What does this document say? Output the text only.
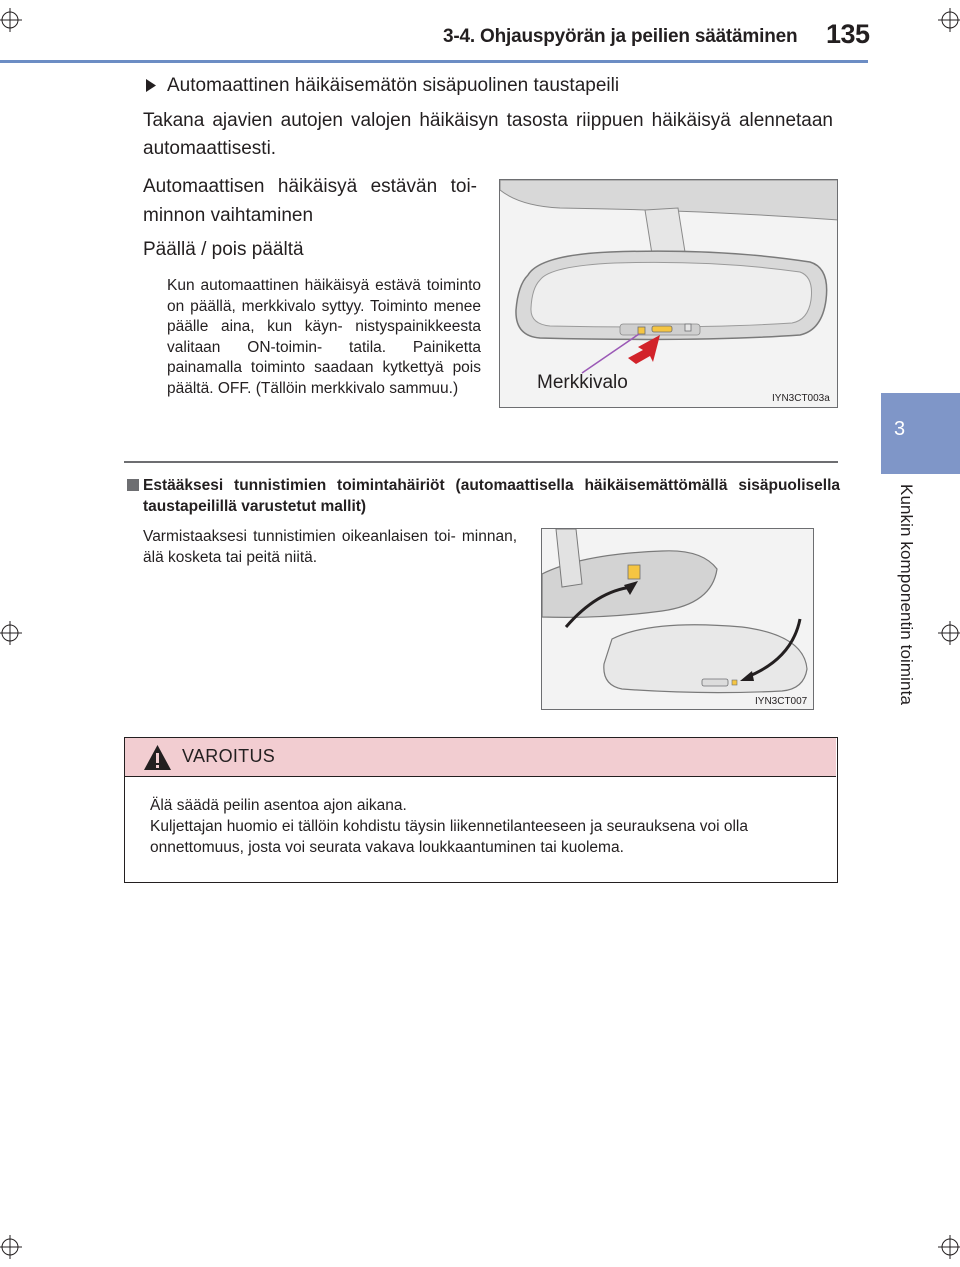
3-4. Ohjauspyörän ja peilien säätäminen 135
3
Kunkin komponentin toiminta
Automaattinen häikäisemätön sisäpuolinen taustapeili
Takana ajavien autojen valojen häikäisyn tasosta riippuen häikäisyä alennetaan automaattisesti.
Automaattisen häikäisyä estävän toi-
minnon vaihtaminen
Päällä / pois päältä
Kun automaattinen häikäisyä estävä toiminto on päällä, merkkivalo syttyy. Toiminto menee päälle aina, kun käyn- nistyspainikkeesta valitaan ON-toimin- tatila. Painiketta painamalla toiminto saadaan kytkettyä pois päältä. OFF. (Tällöin merkkivalo sammuu.)	Merkkivalo
IYN3CT003a
Estääksesi tunnistimien toimintahäiriöt (automaattisella häikäisemättömällä sisäpuolisella taustapeilillä varustetut mallit)
Varmistaaksesi tunnistimien oikeanlaisen toi- minnan, älä kosketa tai peitä niitä.
IYN3CT007
VAROITUS
Älä säädä peilin asentoa ajon aikana.
Kuljettajan huomio ei tällöin kohdistu täysin liikennetilanteeseen ja seurauksena voi olla onnettomuus, josta voi seurata vakava loukkaantuminen tai kuolema.
